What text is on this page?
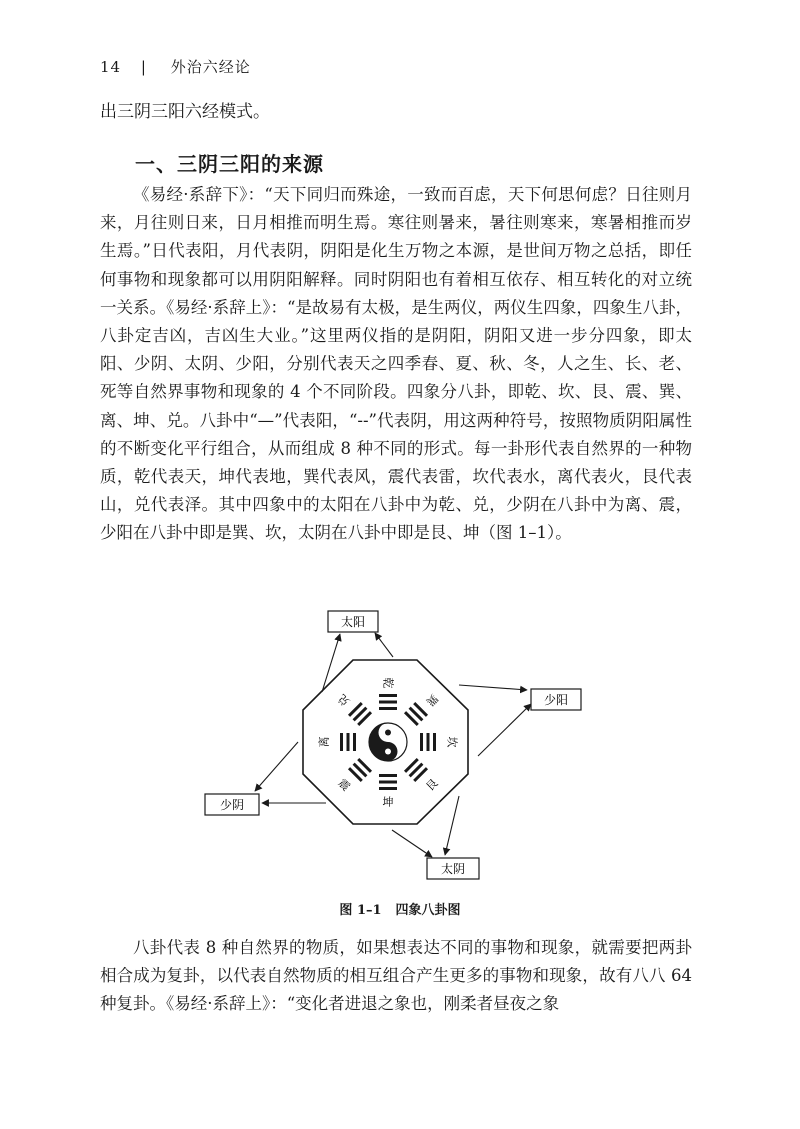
14 | 外治六经论
出三阴三阳六经模式。
一、三阴三阳的来源
《易经·系辞下》：“天下同归而殊途，一致而百虑，天下何思何虑？日往则月来，月往则日来，日月相推而明生焉。寒往则暑来，暑往则寒来，寒暑相推而岁生焉。”日代表阳，月代表阴，阴阳是化生万物之本源，是世间万物之总括，即任何事物和现象都可以用阴阳解释。同时阴阳也有着相互依存、相互转化的对立统一关系。《易经·系辞上》：“是故易有太极，是生两仪，两仪生四象，四象生八卦，八卦定吉凶，吉凶生大业。”这里两仪指的是阴阳，阴阳又进一步分四象，即太阳、少阴、太阴、少阳，分别代表天之四季春、夏、秋、冬，人之生、长、老、死等自然界事物和现象的 4 个不同阶段。四象分八卦，即乾、坎、艮、震、巽、离、坤、兑。八卦中“—”代表阳，“--”代表阴，用这两种符号，按照物质阴阳属性的不断变化平行组合，从而组成 8 种不同的形式。每一卦形代表自然界的一种物质，乾代表天，坤代表地，巽代表风，震代表雷，坎代表水，离代表火，艮代表山，兑代表泽。其中四象中的太阳在八卦中为乾、兑，少阴在八卦中为离、震，少阳在八卦中即是巽、坎，太阴在八卦中即是艮、坤（图 1–1）。
乾
巽
坎
艮
坤
震
离
兑
太阳
少阳
少阴
太阴
图 1–1 四象八卦图
八卦代表 8 种自然界的物质，如果想表达不同的事物和现象，就需要把两卦相合成为复卦，以代表自然物质的相互组合产生更多的事物和现象，故有八八 64 种复卦。《易经·系辞上》：“变化者进退之象也，刚柔者昼夜之象
